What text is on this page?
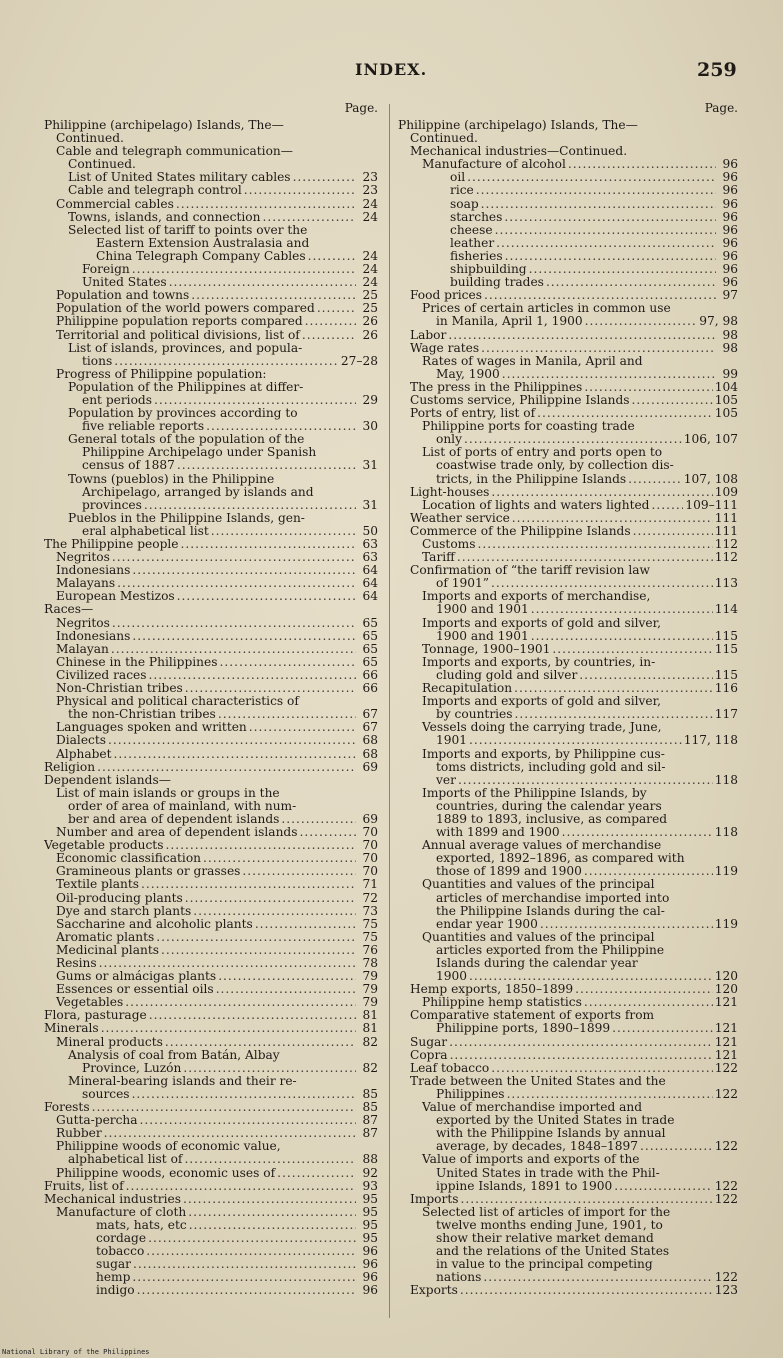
INDEX.	259
Page.
Philippine (archipelago) Islands, The—
Continued.
Cable and telegraph communication—
Continued.
List of United States military cables .....	23
Cable and telegraph control .....	23
Commercial cables .....	24
Towns, islands, and connection .....	24
Selected list of tariff to points over the
Eastern Extension Australasia and
China Telegraph Company Cables .....	24
Foreign .....	24
United States .....	24
Population and towns .....	25
Population of the world powers compared .....	25
Philippine population reports compared .....	26
Territorial and political divisions, list of .....	26
List of islands, provinces, and popula-
tions .....	27–28
Progress of Philippine population:
Population of the Philippines at differ-
ent periods .....	29
Population by provinces according to
five reliable reports .....	30
General totals of the population of the
Philippine Archipelago under Spanish
census of 1887 .....	31
Towns (pueblos) in the Philippine
Archipelago, arranged by islands and
provinces .....	31
Pueblos in the Philippine Islands, gen-
eral alphabetical list .....	50
The Philippine people .....	63
Negritos .....	63
Indonesians .....	64
Malayans .....	64
European Mestizos .....	64
Races—
Negritos .....	65
Indonesians .....	65
Malayan .....	65
Chinese in the Philippines .....	65
Civilized races .....	66
Non-Christian tribes .....	66
Physical and political characteristics of
the non-Christian tribes .....	67
Languages spoken and written .....	67
Dialects .....	68
Alphabet .....	68
Religion .....	69
Dependent islands—
List of main islands or groups in the
order of area of mainland, with num-
ber and area of dependent islands .....	69
Number and area of dependent islands .....	70
Vegetable products .....	70
Economic classification .....	70
Gramineous plants or grasses .....	70
Textile plants .....	71
Oil-producing plants .....	72
Dye and starch plants .....	73
Saccharine and alcoholic plants .....	75
Aromatic plants .....	75
Medicinal plants .....	76
Resins .....	78
Gums or almácigas plants .....	79
Essences or essential oils .....	79
Vegetables .....	79
Flora, pasturage .....	81
Minerals .....	81
Mineral products .....	82
Analysis of coal from Batán, Albay
Province, Luzón .....	82
Mineral-bearing islands and their re-
sources .....	85
Forests .....	85
Gutta-percha .....	87
Rubber .....	87
Philippine woods of economic value,
alphabetical list of .....	88
Philippine woods, economic uses of .....	92
Fruits, list of .....	93
Mechanical industries .....	95
Manufacture of cloth .....	95
mats, hats, etc .....	95
cordage .....	95
tobacco .....	96
sugar .....	96
hemp .....	96
indigo .....	96
Page.
Philippine (archipelago) Islands, The—
Continued.
Mechanical industries—Continued.
Manufacture of alcohol .....	96
oil .....	96
rice .....	96
soap .....	96
starches .....	96
cheese .....	96
leather .....	96
fisheries .....	96
shipbuilding .....	96
building trades .....	96
Food prices .....	97
Prices of certain articles in common use
in Manila, April 1, 1900 .....	97, 98
Labor .....	98
Wage rates .....	98
Rates of wages in Manila, April and
May, 1900 .....	99
The press in the Philippines .....	104
Customs service, Philippine Islands .....	105
Ports of entry, list of .....	105
Philippine ports for coasting trade
only .....	106, 107
List of ports of entry and ports open to
coastwise trade only, by collection dis-
tricts, in the Philippine Islands .....	107, 108
Light-houses .....	109
Location of lights and waters lighted .....	109–111
Weather service .....	111
Commerce of the Philippine Islands .....	111
Customs .....	112
Tariff .....	112
Confirmation of “the tariff revision law
of 1901” .....	113
Imports and exports of merchandise,
1900 and 1901 .....	114
Imports and exports of gold and silver,
1900 and 1901 .....	115
Tonnage, 1900–1901 .....	115
Imports and exports, by countries, in-
cluding gold and silver .....	115
Recapitulation .....	116
Imports and exports of gold and silver,
by countries .....	117
Vessels doing the carrying trade, June,
1901 .....	117, 118
Imports and exports, by Philippine cus-
toms districts, including gold and sil-
ver .....	118
Imports of the Philippine Islands, by
countries, during the calendar years
1889 to 1893, inclusive, as compared
with 1899 and 1900 .....	118
Annual average values of merchandise
exported, 1892–1896, as compared with
those of 1899 and 1900 .....	119
Quantities and values of the principal
articles of merchandise imported into
the Philippine Islands during the cal-
endar year 1900 .....	119
Quantities and values of the principal
articles exported from the Philippine
Islands during the calendar year
1900 .....	120
Hemp exports, 1850–1899 .....	120
Philippine hemp statistics .....	121
Comparative statement of exports from
Philippine ports, 1890–1899 .....	121
Sugar .....	121
Copra .....	121
Leaf tobacco .....	122
Trade between the United States and the
Philippines .....	122
Value of merchandise imported and
exported by the United States in trade
with the Philippine Islands by annual
average, by decades, 1848–1897 .....	122
Value of imports and exports of the
United States in trade with the Phil-
ippine Islands, 1891 to 1900 .....	122
Imports .....	122
Selected list of articles of import for the
twelve months ending June, 1901, to
show their relative market demand
and the relations of the United States
in value to the principal competing
nations .....	122
Exports .....	123
National Library of the Philippines
